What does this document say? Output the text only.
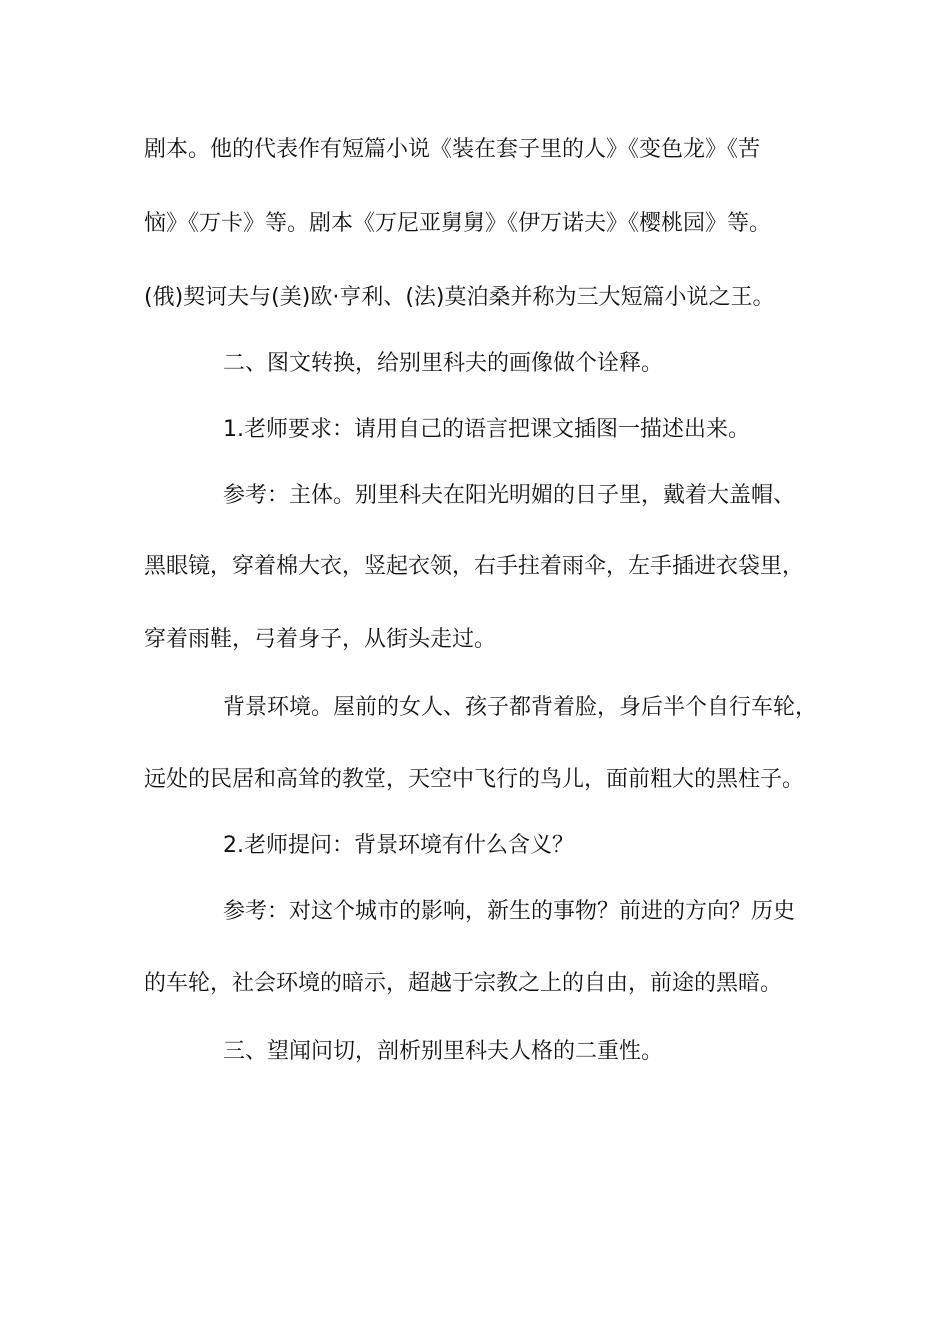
剧本。他的代表作有短篇小说《装在套子里的人》《变色龙》《苦
恼》《万卡》等。剧本《万尼亚舅舅》《伊万诺夫》《樱桃园》等。
(俄)契诃夫与(美)欧·亨利、(法)莫泊桑并称为三大短篇小说之王。
二、图文转换，给别里科夫的画像做个诠释。
1.老师要求：请用自己的语言把课文插图一描述出来。
参考：主体。别里科夫在阳光明媚的日子里，戴着大盖帽、
黑眼镜，穿着棉大衣，竖起衣领，右手拄着雨伞，左手插进衣袋里，
穿着雨鞋，弓着身子，从街头走过。
背景环境。屋前的女人、孩子都背着脸，身后半个自行车轮，
远处的民居和高耸的教堂，天空中飞行的鸟儿，面前粗大的黑柱子。
2.老师提问：背景环境有什么含义？
参考：对这个城市的影响，新生的事物？前进的方向？历史
的车轮，社会环境的暗示，超越于宗教之上的自由，前途的黑暗。
三、望闻问切，剖析别里科夫人格的二重性。
